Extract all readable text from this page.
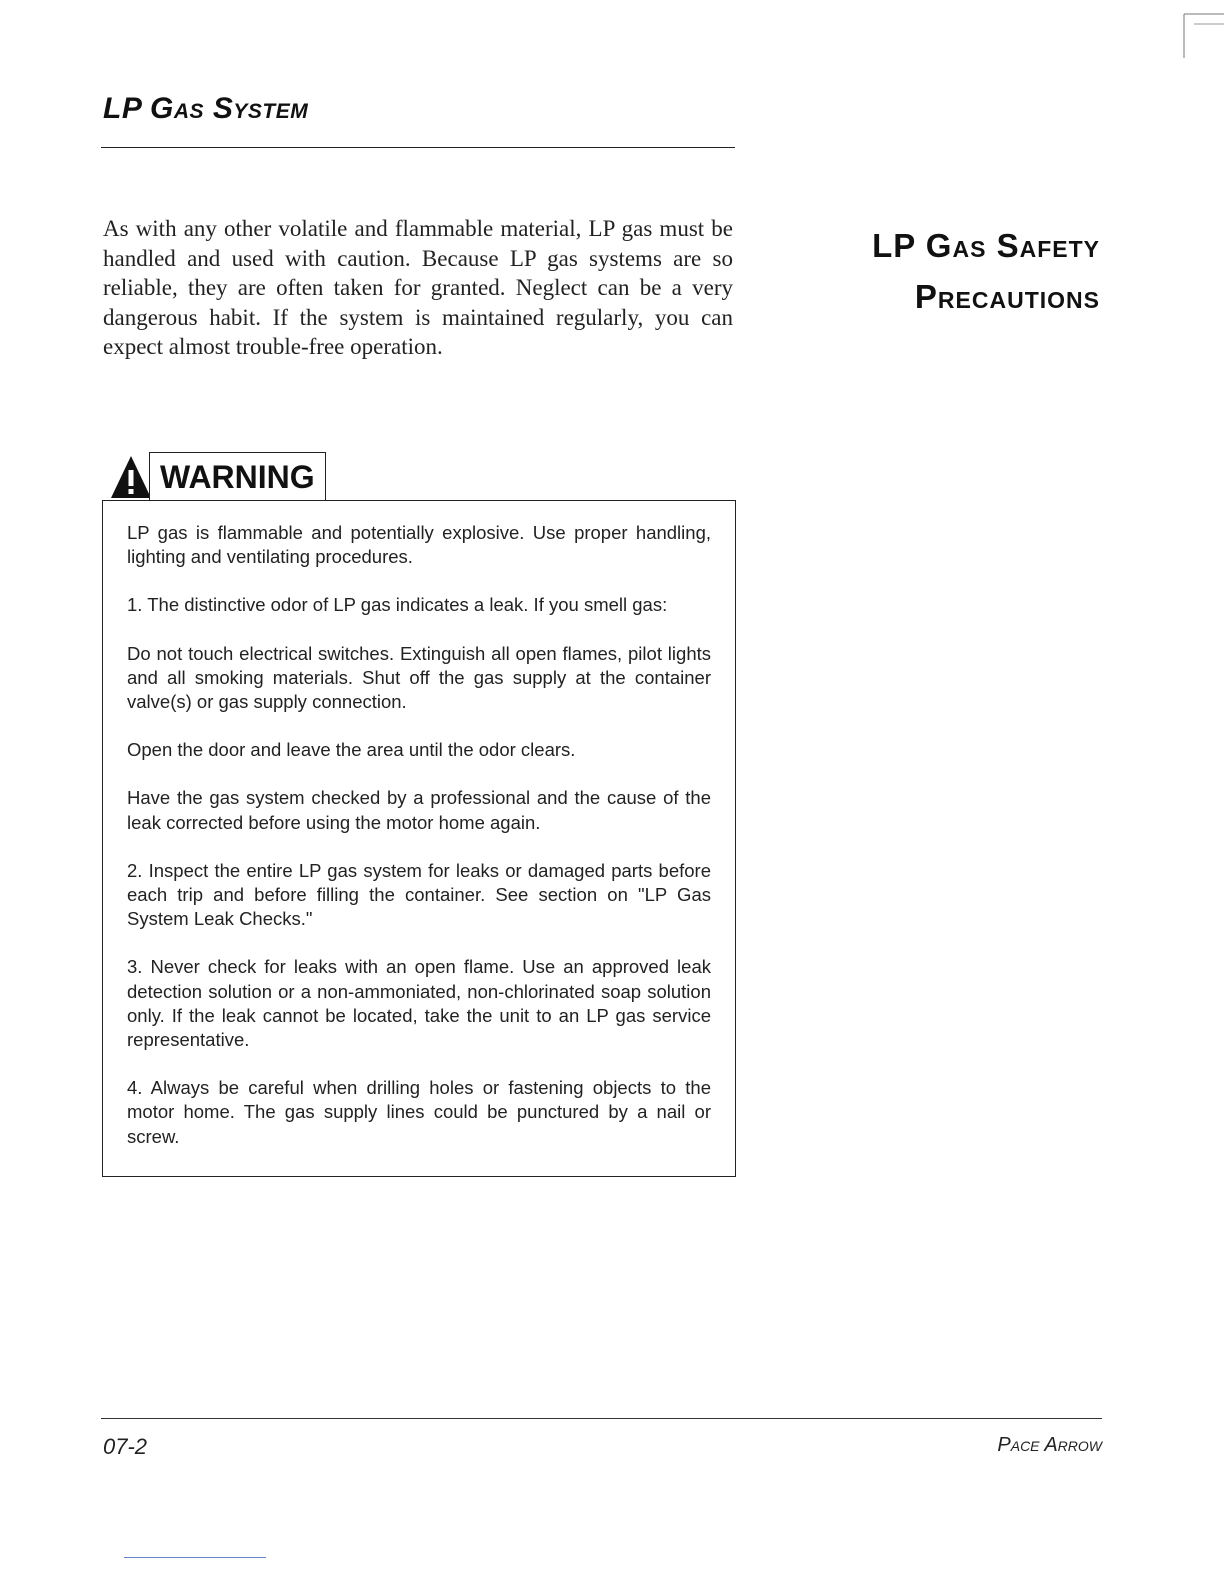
LP Gas System

As with any other volatile and flammable material, LP gas must be handled and used with caution. Because LP gas systems are so reliable, they are often taken for granted. Neglect can be a very dangerous habit. If the system is maintained regularly, you can expect almost trouble-free operation.

LP Gas Safety
Precautions
WARNING

LP gas is flammable and potentially explosive. Use proper handling, lighting and ventilating procedures.

1. The distinctive odor of LP gas indicates a leak. If you smell gas:

Do not touch electrical switches. Extinguish all open flames, pilot lights and all smoking materials. Shut off the gas supply at the container valve(s) or gas supply connection.

Open the door and leave the area until the odor clears.

Have the gas system checked by a professional and the cause of the leak corrected before using the motor home again.

2. Inspect the entire LP gas system for leaks or damaged parts before each trip and before filling the container. See section on "LP Gas System Leak Checks."

3. Never check for leaks with an open flame. Use an approved leak detection solution or a non-ammoniated, non-chlorinated soap solution only. If the leak cannot be located, take the unit to an LP gas service representative.

4. Always be careful when drilling holes or fastening objects to the motor home. The gas supply lines could be punctured by a nail or screw.

07-2	Pace Arrow
